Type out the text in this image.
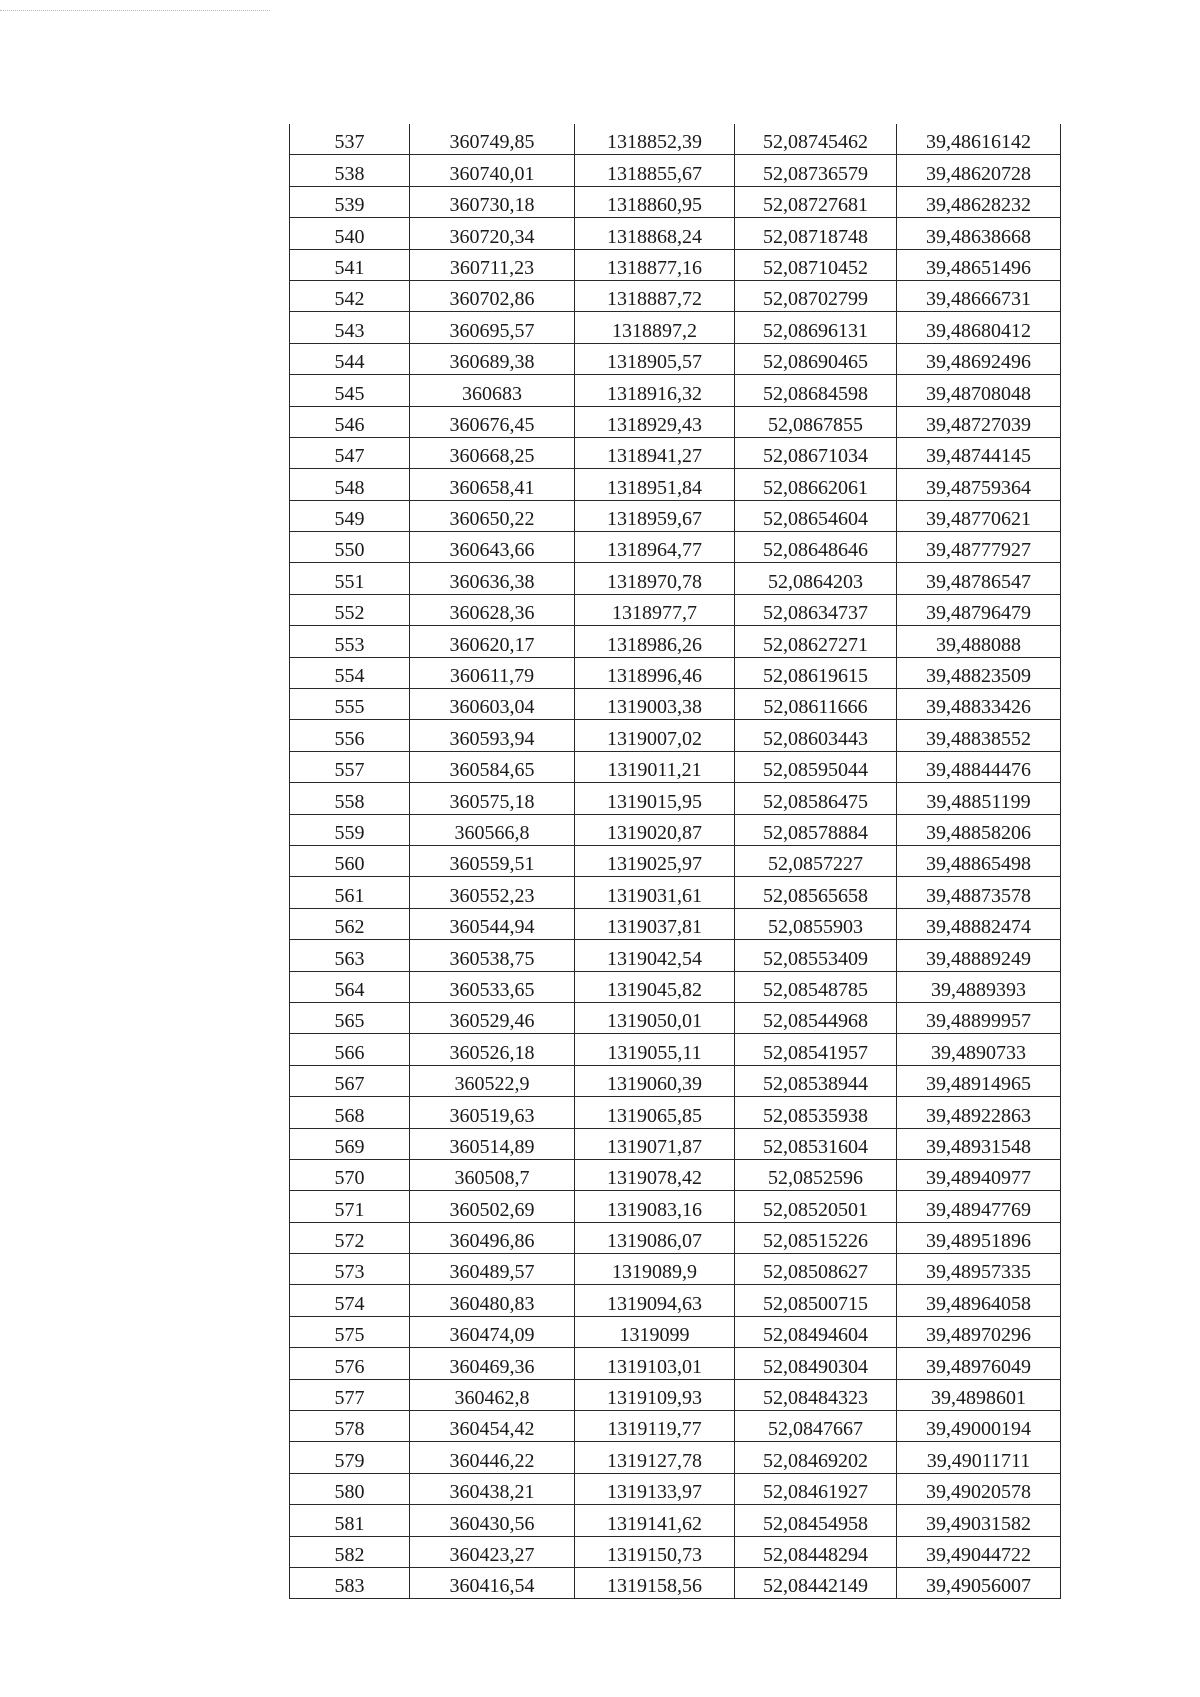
537	360749,85	1318852,39	52,08745462	39,48616142
538	360740,01	1318855,67	52,08736579	39,48620728
539	360730,18	1318860,95	52,08727681	39,48628232
540	360720,34	1318868,24	52,08718748	39,48638668
541	360711,23	1318877,16	52,08710452	39,48651496
542	360702,86	1318887,72	52,08702799	39,48666731
543	360695,57	1318897,2	52,08696131	39,48680412
544	360689,38	1318905,57	52,08690465	39,48692496
545	360683	1318916,32	52,08684598	39,48708048
546	360676,45	1318929,43	52,0867855	39,48727039
547	360668,25	1318941,27	52,08671034	39,48744145
548	360658,41	1318951,84	52,08662061	39,48759364
549	360650,22	1318959,67	52,08654604	39,48770621
550	360643,66	1318964,77	52,08648646	39,48777927
551	360636,38	1318970,78	52,0864203	39,48786547
552	360628,36	1318977,7	52,08634737	39,48796479
553	360620,17	1318986,26	52,08627271	39,488088
554	360611,79	1318996,46	52,08619615	39,48823509
555	360603,04	1319003,38	52,08611666	39,48833426
556	360593,94	1319007,02	52,08603443	39,48838552
557	360584,65	1319011,21	52,08595044	39,48844476
558	360575,18	1319015,95	52,08586475	39,48851199
559	360566,8	1319020,87	52,08578884	39,48858206
560	360559,51	1319025,97	52,0857227	39,48865498
561	360552,23	1319031,61	52,08565658	39,48873578
562	360544,94	1319037,81	52,0855903	39,48882474
563	360538,75	1319042,54	52,08553409	39,48889249
564	360533,65	1319045,82	52,08548785	39,4889393
565	360529,46	1319050,01	52,08544968	39,48899957
566	360526,18	1319055,11	52,08541957	39,4890733
567	360522,9	1319060,39	52,08538944	39,48914965
568	360519,63	1319065,85	52,08535938	39,48922863
569	360514,89	1319071,87	52,08531604	39,48931548
570	360508,7	1319078,42	52,0852596	39,48940977
571	360502,69	1319083,16	52,08520501	39,48947769
572	360496,86	1319086,07	52,08515226	39,48951896
573	360489,57	1319089,9	52,08508627	39,48957335
574	360480,83	1319094,63	52,08500715	39,48964058
575	360474,09	1319099	52,08494604	39,48970296
576	360469,36	1319103,01	52,08490304	39,48976049
577	360462,8	1319109,93	52,08484323	39,4898601
578	360454,42	1319119,77	52,0847667	39,49000194
579	360446,22	1319127,78	52,08469202	39,49011711
580	360438,21	1319133,97	52,08461927	39,49020578
581	360430,56	1319141,62	52,08454958	39,49031582
582	360423,27	1319150,73	52,08448294	39,49044722
583	360416,54	1319158,56	52,08442149	39,49056007
